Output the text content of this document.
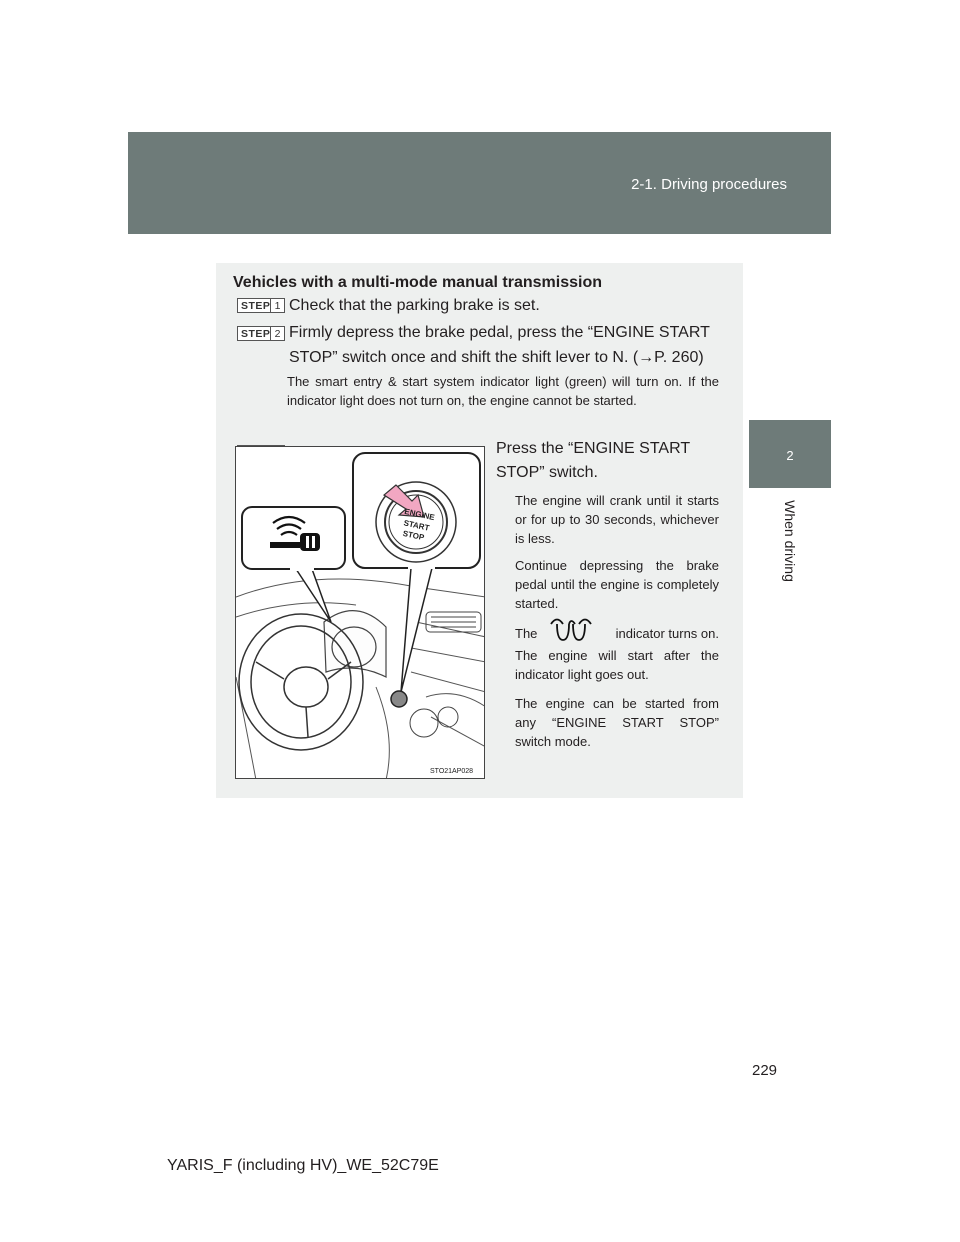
2-1. Driving procedures
2
When driving
Vehicles with a multi-mode manual transmission
STEP 1 Check that the parking brake is set.
STEP 2 Firmly depress the brake pedal, press the “ENGINE START
STOP” switch once and shift the shift lever to N. (→P. 260)
The smart entry & start system indicator light (green) will turn on. If the indicator light does not turn on, the engine cannot be started.
ENGINE
START
STOP
STO21AP028
Press the “ENGINE START
STOP” switch.
The engine will crank until it starts or for up to 30 seconds, whichever is less.
Continue depressing the brake pedal until the engine is completely started.
The	indicator turns on.
The engine will start after the indicator light goes out.
The engine can be started from any “ENGINE START STOP” switch mode.
229
YARIS_F (including HV)_WE_52C79E
